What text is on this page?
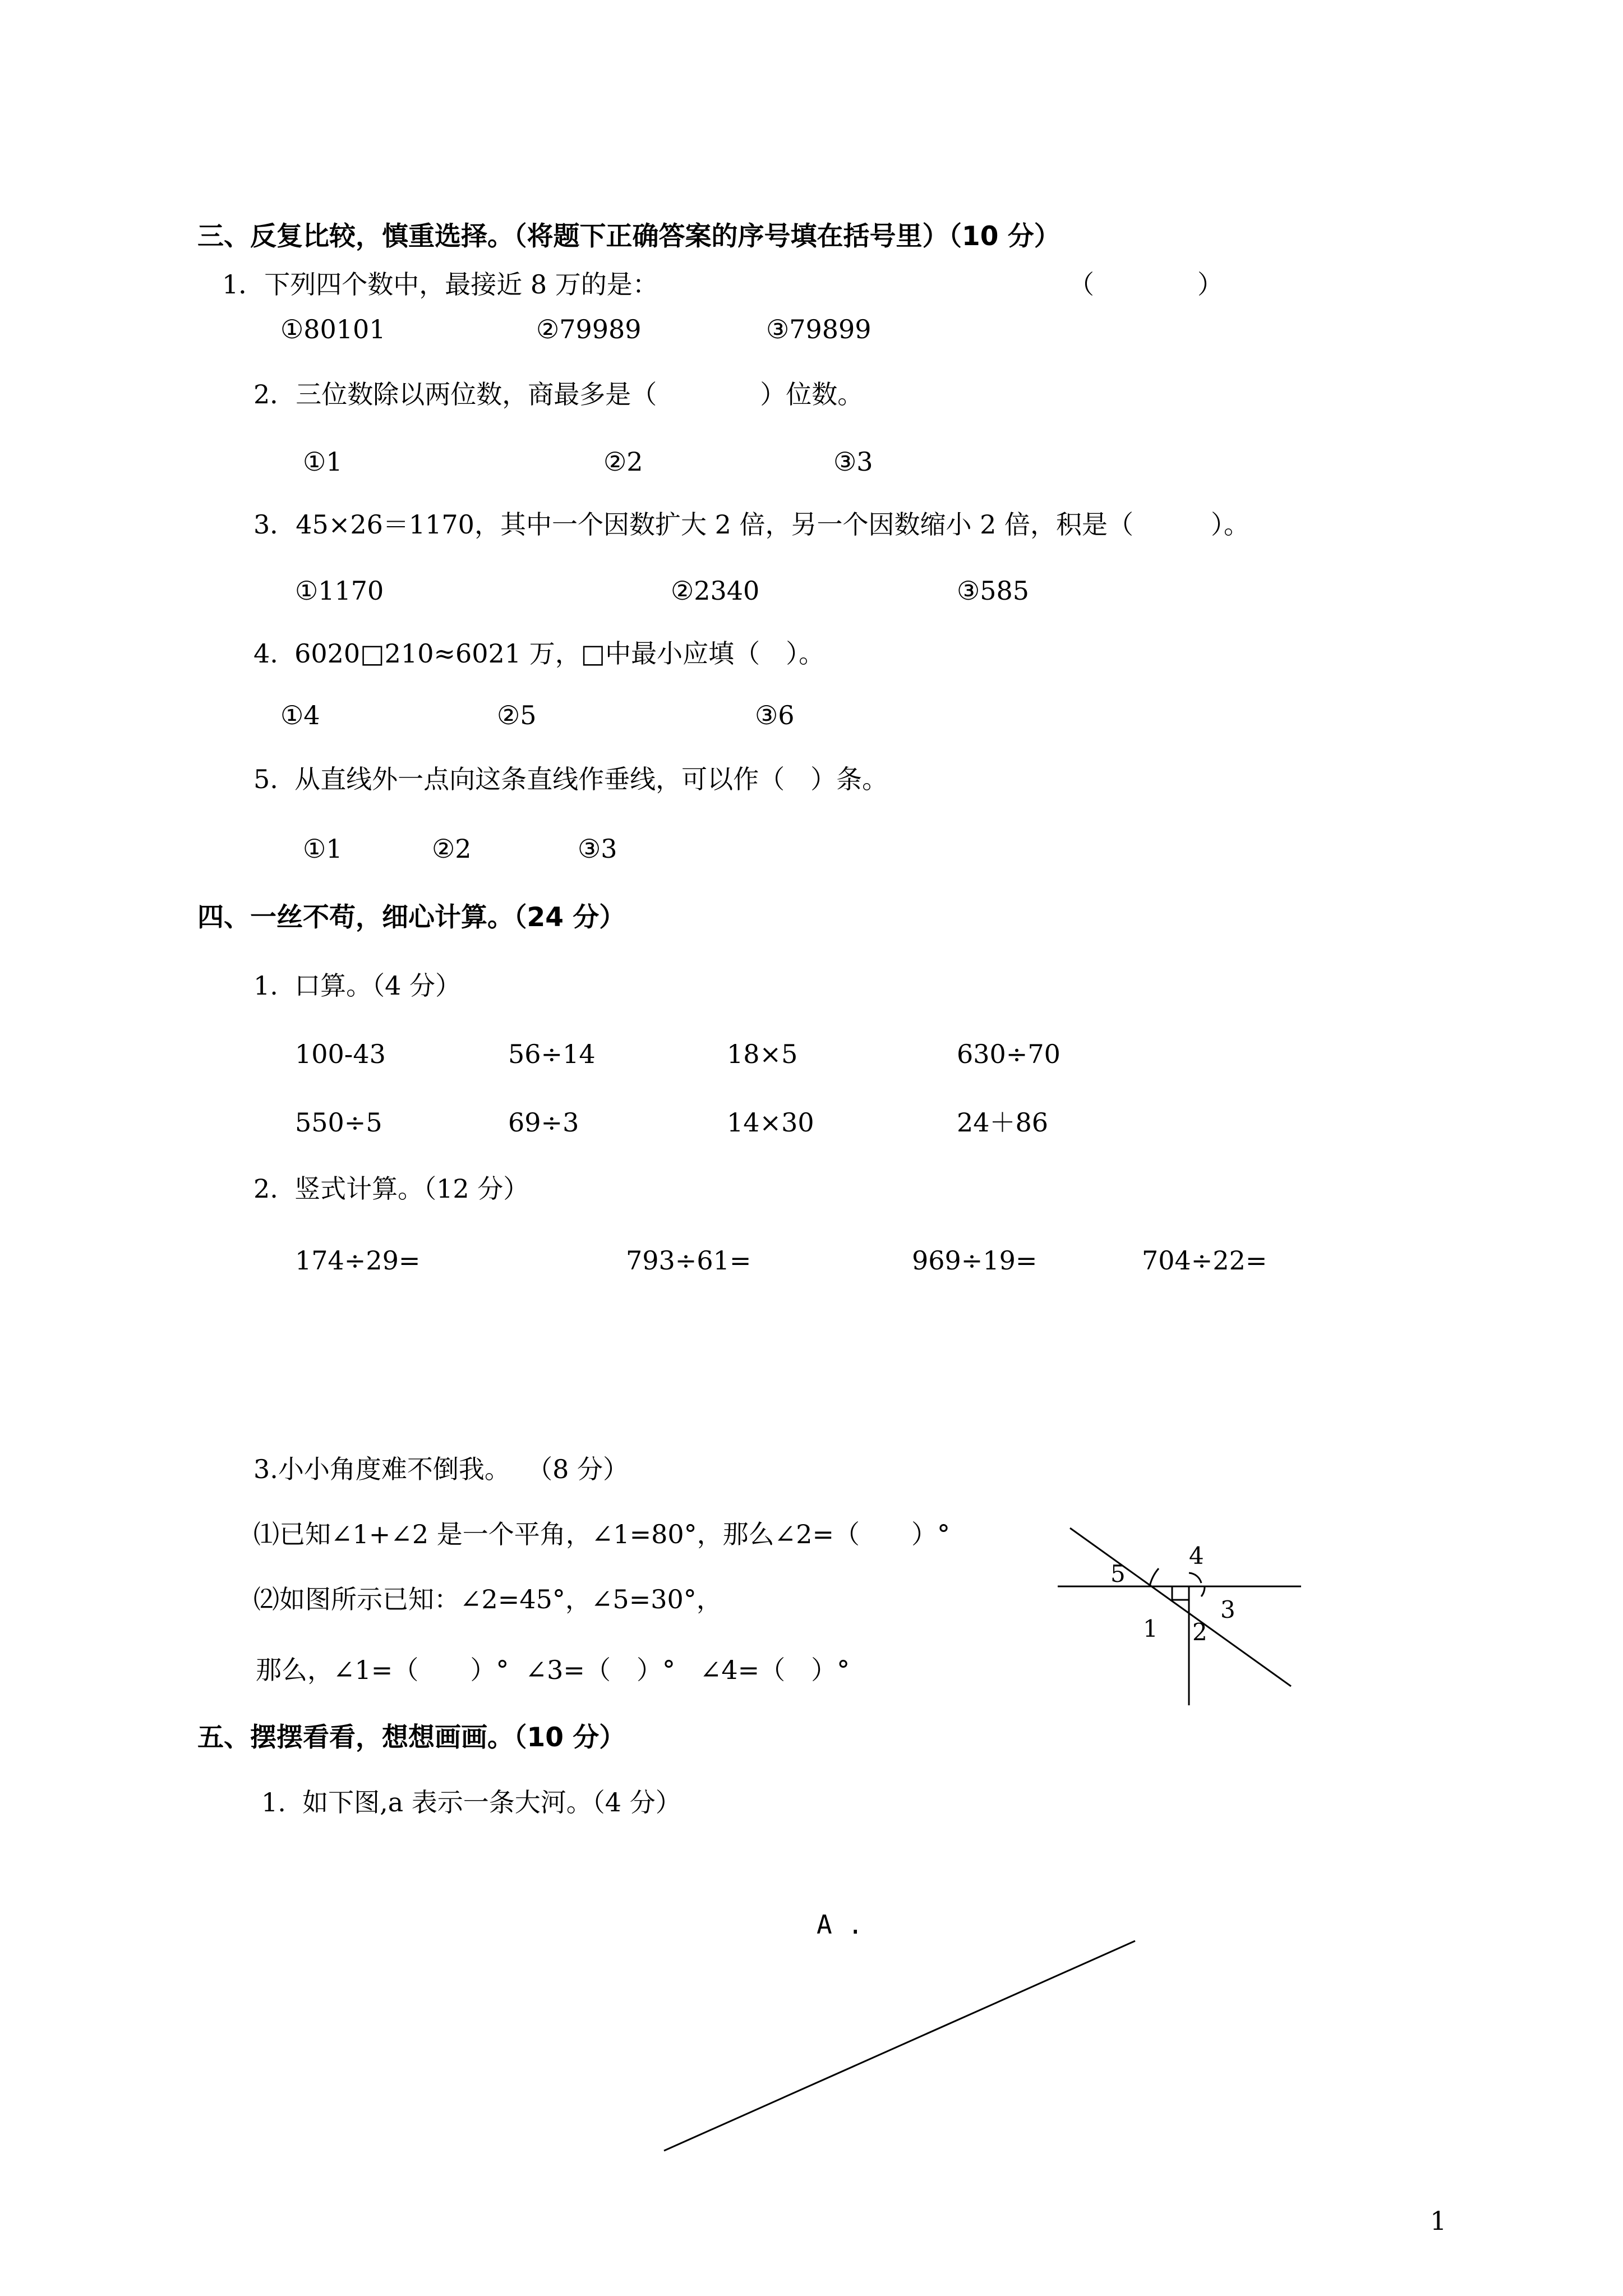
三、反复比较，慎重选择。（将题下正确答案的序号填在括号里）（10 分）
1．下列四个数中，最接近 8 万的是：	（　　　　）
①80101	②79989	③79899
2．三位数除以两位数，商最多是（　　　　）位数。
①1	②2	③3
3．45×26＝1170，其中一个因数扩大 2 倍，另一个因数缩小 2 倍，积是（　　　）。
①1170	②2340	③585
4.  6020□210≈6021 万，□中最小应填（　）。
①4	②5	③6
5.  从直线外一点向这条直线作垂线，可以作（　）条。
①1	②2	③3
四、一丝不苟，细心计算。（24 分）
1.  口算。（4 分）
100-43	56÷14	18×5	630÷70
550÷5	69÷3	14×30	24＋86
2.  竖式计算。（12 分）
174÷29=	793÷61=	969÷19=	704÷22=
3.小小角度难不倒我。  （8 分）
⑴已知∠1+∠2 是一个平角，∠1=80°，那么∠2=（　　）°
⑵如图所示已知：∠2=45°，∠5=30°，
那么，∠1=（　　）°  ∠3=（　）°   ∠4=（　）°
5
4
3
1 2
五、摆摆看看，想想画画。（10 分）
1.  如下图,a 表示一条大河。（4 分）
A .
1
